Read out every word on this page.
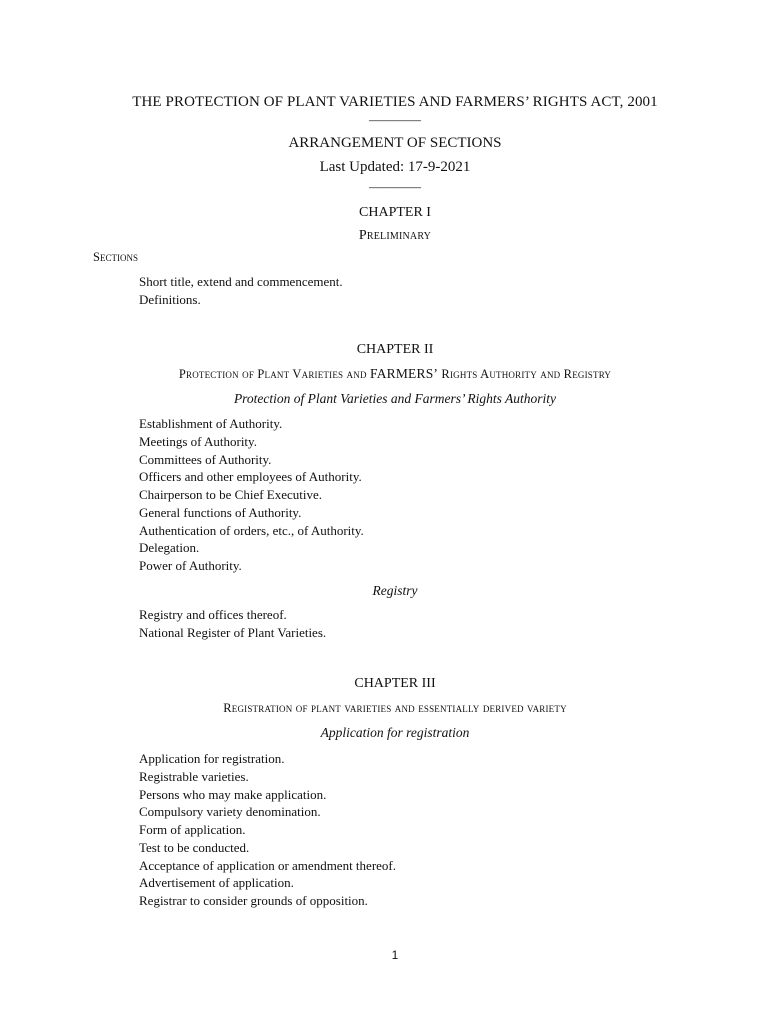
THE PROTECTION OF PLANT VARIETIES AND FARMERS’ RIGHTS ACT, 2001
————
ARRANGEMENT OF SECTIONS
Last Updated: 17-9-2021
————
CHAPTER I
Preliminary
Sections
Short title, extend and commencement.
Definitions.
CHAPTER II
Protection of Plant Varieties and FARMERS’ Rights Authority and Registry
Protection of Plant Varieties and Farmers’ Rights Authority
Establishment of Authority.
Meetings of Authority.
Committees of Authority.
Officers and other employees of Authority.
Chairperson to be Chief Executive.
General functions of Authority.
Authentication of orders, etc., of Authority.
Delegation.
Power of Authority.
Registry
Registry and offices thereof.
National Register of Plant Varieties.
CHAPTER III
Registration of plant varieties and essentially derived variety
Application for registration
Application for registration.
Registrable varieties.
Persons who may make application.
Compulsory variety denomination.
Form of application.
Test to be conducted.
Acceptance of application or amendment thereof.
Advertisement of application.
Registrar to consider grounds of opposition.
1
